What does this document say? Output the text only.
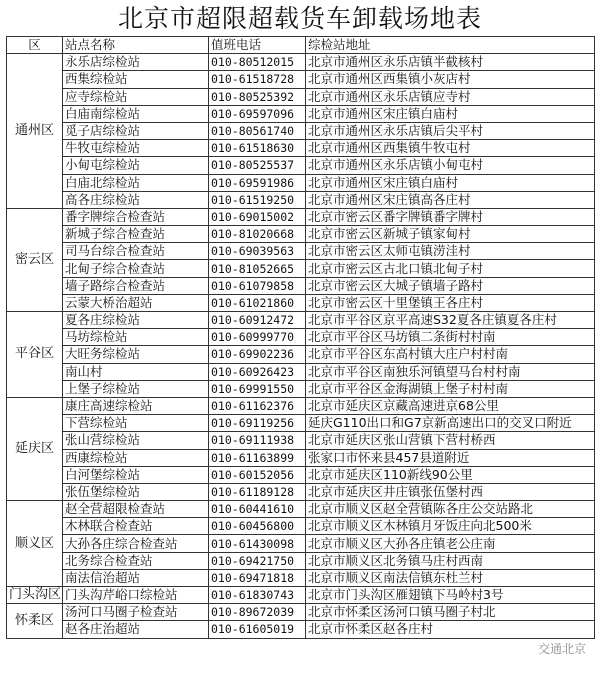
北京市超限超载货车卸载场地表
区	站点名称	值班电话	综检站地址
通州区	永乐店综检站	010-80512015	北京市通州区永乐店镇半截核村
	西集综检站	010-61518728	北京市通州区西集镇小灰店村
	应寺综检站	010-80525392	北京市通州区永乐店镇应寺村
	白庙南综检站	010-69597096	北京市通州区宋庄镇白庙村
	觅子店综检站	010-80561740	北京市通州区永乐店镇后尖平村
	牛牧屯综检站	010-61518630	北京市通州区西集镇牛牧屯村
	小甸屯综检站	010-80525537	北京市通州区永乐店镇小甸屯村
	白庙北综检站	010-69591986	北京市通州区宋庄镇白庙村
	高各庄综检站	010-61519250	北京市通州区宋庄镇高各庄村
密云区	番字牌综合检查站	010-69015002	北京市密云区番字牌镇番字牌村
	新城子综合检查站	010-81020668	北京市密云区新城子镇家甸村
	司马台综合检查站	010-69039563	北京市密云区太师屯镇涝洼村
	北甸子综合检查站	010-81052665	北京市密云区古北口镇北甸子村
	墙子路综合检查站	010-61079858	北京市密云区大城子镇墙子路村
	云蒙大桥治超站	010-61021860	北京市密云区十里堡镇王各庄村
平谷区	夏各庄综检站	010-60912472	北京市平谷区京平高速S32夏各庄镇夏各庄村
	马坊综检站	010-60999770	北京市平谷区马坊镇二条街村村南
	大旺务综检站	010-69902236	北京市平谷区东高村镇大庄户村村南
	南山村	010-60926423	北京市平谷区南独乐河镇望马台村村南
	上堡子综检站	010-69991550	北京市平谷区金海湖镇上堡子村村南
延庆区	康庄高速综检站	010-61162376	北京市延庆区京藏高速进京68公里
	下营综检站	010-69119256	延庆G110出口和G7京新高速出口的交叉口附近
	张山营综检站	010-69111938	北京市延庆区张山营镇下营村桥西
	西康综检站	010-61163899	张家口市怀来县457县道附近
	白河堡综检站	010-60152056	北京市延庆区110新线90公里
	张伍堡综检站	010-61189128	北京市延庆区井庄镇张伍堡村西
顺义区	赵全营超限检查站	010-60441610	北京市顺义区赵全营镇陈各庄公交站路北
	木林联合检查站	010-60456800	北京市顺义区木林镇月牙饭庄向北500米
	大孙各庄综合检查站	010-61430098	北京市顺义区大孙各庄镇老公庄南
	北务综合检查站	010-69421750	北京市顺义区北务镇马庄村西南
	南法信治超站	010-69471818	北京市顺义区南法信镇东杜兰村
门头沟区	门头沟芹峪口综检站	010-61830743	北京市门头沟区雁翅镇下马岭村3号
怀柔区	汤河口马圈子检查站	010-89672039	北京市怀柔区汤河口镇马圈子村北
	赵各庄治超站	010-61605019	北京市怀柔区赵各庄村
交通北京
